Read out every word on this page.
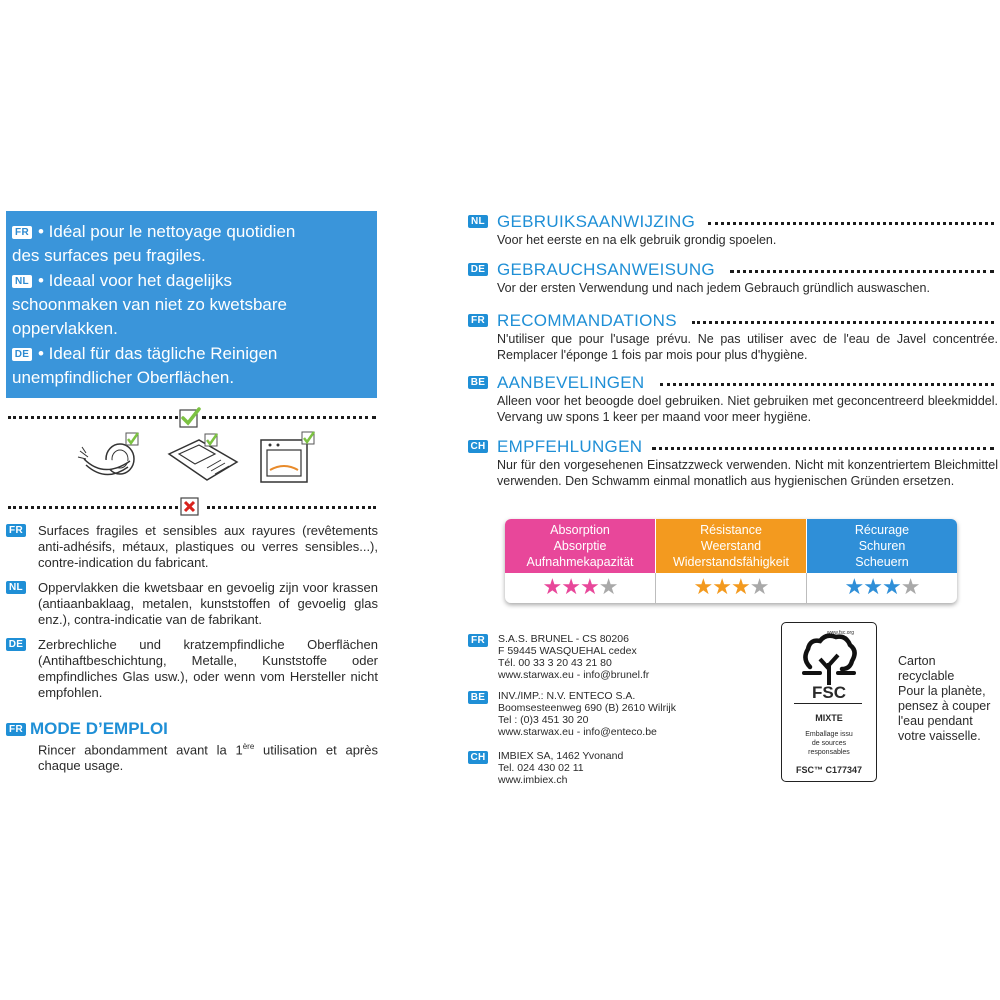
FR • Idéal pour le nettoyage quotidien
des surfaces peu fragiles.
NL • Ideaal voor het dagelijks
schoonmaken van niet zo kwetsbare
oppervlakken.
DE • Ideal für das tägliche Reinigen
unempfindlicher Oberflächen.
FR Surfaces fragiles et sensibles aux rayures (revêtements anti-adhésifs, métaux, plastiques ou verres sensibles...), contre-indication du fabricant.
NL Oppervlakken die kwetsbaar en gevoelig zijn voor krassen (antiaanbaklaag, metalen, kunststoffen of gevoelig glas enz.), contra-indicatie van de fabrikant.
DE Zerbrechliche und kratzempfindliche Oberflächen (Antihaftbeschichtung, Metalle, Kunststoffe oder empfindliches Glas usw.), oder wenn vom Hersteller nicht empfohlen.
FR MODE D’EMPLOI
Rincer abondamment avant la 1ère utilisation et après chaque usage.
NL GEBRUIKSAANWIJZING
Voor het eerste en na elk gebruik grondig spoelen.
DE GEBRAUCHSANWEISUNG
Vor der ersten Verwendung und nach jedem Gebrauch gründlich auswaschen.
FR RECOMMANDATIONS
N'utiliser que pour l'usage prévu. Ne pas utiliser avec de l'eau de Javel concentrée. Remplacer l'éponge 1 fois par mois pour plus d'hygiène.
BE AANBEVELINGEN
Alleen voor het beoogde doel gebruiken. Niet gebruiken met geconcentreerd bleekmiddel. Vervang uw spons 1 keer per maand voor meer hygiëne.
CH EMPFEHLUNGEN
Nur für den vorgesehenen Einsatzzweck verwenden. Nicht mit konzentriertem Bleichmittel verwenden. Den Schwamm einmal monatlich aus hygienischen Gründen ersetzen.
Absorption
Absorptie
Aufnahmekapazität
★★★★
Résistance
Weerstand
Widerstandsfähigkeit
★★★★
Récurage
Schuren
Scheuern
★★★★
FR S.A.S. BRUNEL - CS 80206
F 59445 WASQUEHAL cedex
Tél. 00 33 3 20 43 21 80
www.starwax.eu - info@brunel.fr
BE INV./IMP.: N.V. ENTECO S.A.
Boomsesteenweg 690 (B) 2610 Wilrijk
Tel : (0)3 451 30 20
www.starwax.eu - info@enteco.be
CH IMBIEX SA, 1462 Yvonand
Tel. 024 430 02 11
www.imbiex.ch
www.fsc.org
FSC
MIXTE
Emballage issu
de sources
responsables
FSC™ C177347
Carton
recyclable
Pour la planète,
pensez à couper
l'eau pendant
votre vaisselle.
